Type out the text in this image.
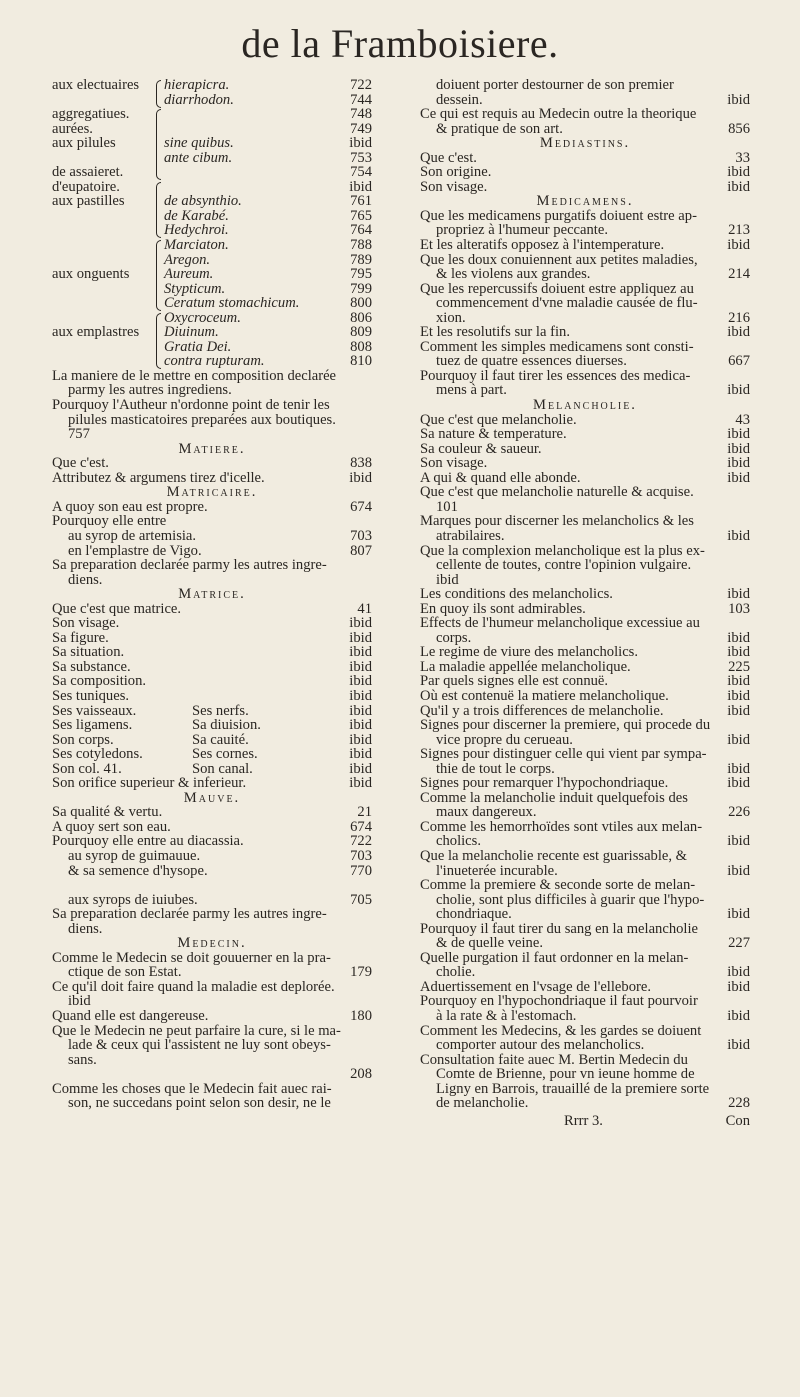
de la Framboisiere.
aux electuaires hierapicra.	722
diarrhodon.	744
aggregatiues.	748
aurées.	749
aux pilules	sine quibus.	ibid
ante cibum.	753
de assaieret.	754
d'eupatoire.	ibid
aux pastilles	de absynthio.	761
de Karabé.	765
Hedychroi.	764
Marciaton.	788
Aregon.	789
aux onguents Aureum.	795
Stypticum.	799
Ceratum stomachicum.	800
Oxycroceum.	806
aux emplastres Diuinum.	809
Gratia Dei.	808
contra rupturam.	810
La maniere de le mettre en composition declarée
parmy les autres ingrediens.
Pourquoy l'Autheur n'ordonne point de tenir les
pilules masticatoires preparées aux boutiques.
757
Matiere.
Que c'est.	838
Attributez & argumens tirez d'icelle.	ibid
Matricaire.
A quoy son eau est propre.	674
Pourquoy elle entre
au syrop de artemisia.	703
en l'emplastre de Vigo.	807
Sa preparation declarée parmy les autres ingre-
diens.
Matrice.
Que c'est que matrice.	41
Son visage.	ibid
Sa figure.	ibid
Sa situation.	ibid
Sa substance.	ibid
Sa composition.	ibid
Ses tuniques.	ibid
Ses vaisseaux.	Ses nerfs.	ibid
Ses ligamens.	Sa diuision.	ibid
Son corps.	Sa cauité.	ibid
Ses cotyledons.	Ses cornes.	ibid
Son col. 41.	Son canal.	ibid
Son orifice superieur & inferieur.	ibid
Mauve.
Sa qualité & vertu.	21
A quoy sert son eau.	674
Pourquoy elle entre au diacassia.	722
au syrop de guimauue.	703
& sa semence d'hysope.	770
aux syrops de iuiubes.	705
Sa preparation declarée parmy les autres ingre-
diens.
Medecin.
Comme le Medecin se doit gouuerner en la pra-
ctique de son Estat.	179
Ce qu'il doit faire quand la maladie est deplorée.
ibid
Quand elle est dangereuse.	180
Que le Medecin ne peut parfaire la cure, si le ma-
lade & ceux qui l'assistent ne luy sont obeys-
sans.
208
Comme les choses que le Medecin fait auec rai-
son, ne succedans point selon son desir, ne le
doiuent porter destourner de son premier
dessein.	ibid
Ce qui est requis au Medecin outre la theorique
& pratique de son art.	856
Mediastins.
Que c'est.	33
Son origine.	ibid
Son visage.	ibid
Medicamens.
Que les medicamens purgatifs doiuent estre ap-
propriez à l'humeur peccante.	213
Et les alteratifs opposez à l'intemperature.	ibid
Que les doux conuiennent aux petites maladies,
& les violens aux grandes.	214
Que les repercussifs doiuent estre appliquez au
commencement d'vne maladie causée de flu-
xion.	216
Et les resolutifs sur la fin.	ibid
Comment les simples medicamens sont consti-
tuez de quatre essences diuerses.	667
Pourquoy il faut tirer les essences des medica-
mens à part.	ibid
Melancholie.
Que c'est que melancholie.	43
Sa nature & temperature.	ibid
Sa couleur & saueur.	ibid
Son visage.	ibid
A qui & quand elle abonde.	ibid
Que c'est que melancholie naturelle & acquise.
101
Marques pour discerner les melancholics & les
atrabilaires.	ibid
Que la complexion melancholique est la plus ex-
cellente de toutes, contre l'opinion vulgaire.
ibid
Les conditions des melancholics.	ibid
En quoy ils sont admirables.	103
Effects de l'humeur melancholique excessiue au
corps.	ibid
Le regime de viure des melancholics.	ibid
La maladie appellée melancholique.	225
Par quels signes elle est connuë.	ibid
Où est contenuë la matiere melancholique.	ibid
Qu'il y a trois differences de melancholie.	ibid
Signes pour discerner la premiere, qui procede du
vice propre du cerueau.	ibid
Signes pour distinguer celle qui vient par sympa-
thie de tout le corps.	ibid
Signes pour remarquer l'hypochondriaque.	ibid
Comme la melancholie induit quelquefois des
maux dangereux.	226
Comme les hemorrhoïdes sont vtiles aux melan-
cholics.	ibid
Que la melancholie recente est guarissable, &
l'inueterée incurable.	ibid
Comme la premiere & seconde sorte de melan-
cholie, sont plus difficiles à guarir que l'hypo-
chondriaque.	ibid
Pourquoy il faut tirer du sang en la melancholie
& de quelle veine.	227
Quelle purgation il faut ordonner en la melan-
cholie.	ibid
Aduertissement en l'vsage de l'ellebore.	ibid
Pourquoy en l'hypochondriaque il faut pourvoir
à la rate & à l'estomach.	ibid
Comment les Medecins, & les gardes se doiuent
comporter autour des melancholics.	ibid
Consultation faite auec M. Bertin Medecin du
Comte de Brienne, pour vn ieune homme de
Ligny en Barrois, trauaillé de la premiere sorte
de melancholie.	228
Rrrr 3.	Con
